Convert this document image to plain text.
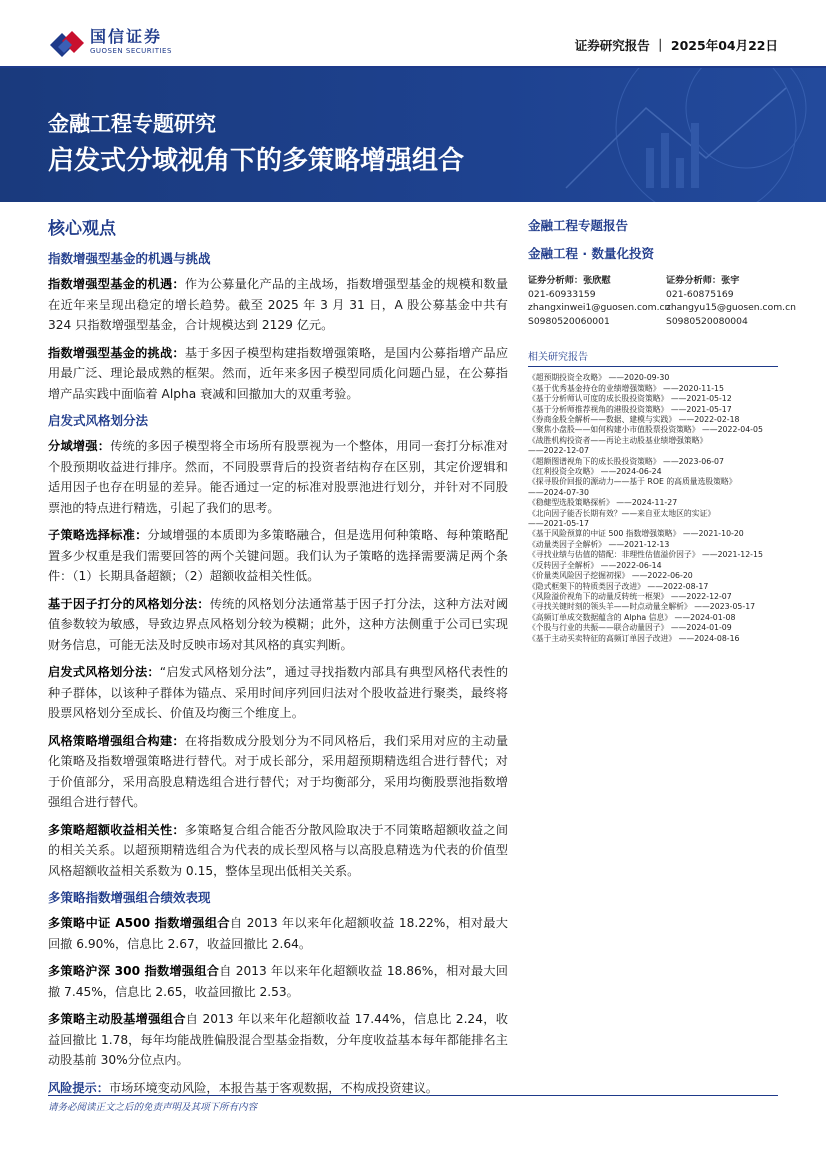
国信证券
GUOSEN SECURITIES	证券研究报告 ｜ 2025年04月22日
金融工程专题研究
启发式分域视角下的多策略增强组合
核心观点
指数增强型基金的机遇与挑战

指数增强型基金的机遇：作为公募量化产品的主战场，指数增强型基金的规模和数量在近年来呈现出稳定的增长趋势。截至 2025 年 3 月 31 日，A 股公募基金中共有 324 只指数增强型基金，合计规模达到 2129 亿元。

指数增强型基金的挑战：基于多因子模型构建指数增强策略，是国内公募指增产品应用最广泛、理论最成熟的框架。然而，近年来多因子模型同质化问题凸显，在公募指增产品实践中面临着 Alpha 衰减和回撤加大的双重考验。

启发式风格划分法

分域增强：传统的多因子模型将全市场所有股票视为一个整体，用同一套打分标准对个股预期收益进行排序。然而，不同股票背后的投资者结构存在区别，其定价逻辑和适用因子也存在明显的差异。能否通过一定的标准对股票池进行划分，并针对不同股票池的特点进行精选，引起了我们的思考。

子策略选择标准：分域增强的本质即为多策略融合，但是选用何种策略、每种策略配置多少权重是我们需要回答的两个关键问题。我们认为子策略的选择需要满足两个条件：（1）长期具备超额；（2）超额收益相关性低。

基于因子打分的风格划分法：传统的风格划分法通常基于因子打分法，这种方法对阈值参数较为敏感，导致边界点风格划分较为模糊；此外，这种方法侧重于公司已实现财务信息，可能无法及时反映市场对其风格的真实判断。

启发式风格划分法：“启发式风格划分法”，通过寻找指数内部具有典型风格代表性的种子群体，以该种子群体为锚点、采用时间序列回归法对个股收益进行聚类，最终将股票风格划分至成长、价值及均衡三个维度上。

风格策略增强组合构建：在将指数成分股划分为不同风格后，我们采用对应的主动量化策略及指数增强策略进行替代。对于成长部分，采用超预期精选组合进行替代；对于价值部分，采用高股息精选组合进行替代；对于均衡部分，采用均衡股票池指数增强组合进行替代。

多策略超额收益相关性：多策略复合组合能否分散风险取决于不同策略超额收益之间的相关关系。以超预期精选组合为代表的成长型风格与以高股息精选为代表的价值型风格超额收益相关系数为 0.15，整体呈现出低相关关系。

多策略指数增强组合绩效表现

多策略中证 A500 指数增强组合自 2013 年以来年化超额收益 18.22%，相对最大回撤 6.90%，信息比 2.67，收益回撤比 2.64。

多策略沪深 300 指数增强组合自 2013 年以来年化超额收益 18.86%，相对最大回撤 7.45%，信息比 2.65，收益回撤比 2.53。

多策略主动股基增强组合自 2013 年以来年化超额收益 17.44%，信息比 2.24，收益回撤比 1.78，每年均能战胜偏股混合型基金指数，分年度收益基本每年都能排名主动股基前 30%分位点内。

风险提示：市场环境变动风险，本报告基于客观数据，不构成投资建议。

金融工程专题报告
金融工程 · 数量化投资
证券分析师：张欣慰
021-60933159
zhangxinwei1@guosen.com.cn
S0980520060001
证券分析师：张宇
021-60875169
zhangyu15@guosen.com.cn
S0980520080004
相关研究报告
《超预期投资全攻略》 ——2020-09-30
《基于优秀基金持仓的业绩增强策略》 ——2020-11-15
《基于分析师认可度的成长股投资策略》 ——2021-05-12
《基于分析师推荐视角的港股投资策略》 ——2021-05-17
《券商金股全解析——数据、建模与实践》 ——2022-02-18
《聚焦小盘股——如何构建小市值股票投资策略》 ——2022-04-05
《战胜机构投资者——再论主动股基业绩增强策略》
——2022-12-07
《超额图谱视角下的成长股投资策略》 ——2023-06-07
《红利投资全攻略》 ——2024-06-24
《探寻股价回报的源动力——基于 ROE 的高质量选股策略》
——2024-07-30
《稳健型选股策略探析》 ——2024-11-27
《北向因子能否长期有效？——来自亚太地区的实证》
——2021-05-17
《基于风险预算的中证 500 指数增强策略》 ——2021-10-20
《动量类因子全解析》 ——2021-12-13
《寻找业绩与估值的错配：非理性估值溢价因子》 ——2021-12-15
《反转因子全解析》 ——2022-06-14
《价量类风险因子挖掘初探》 ——2022-06-20
《隐式框架下的特质类因子改进》 ——2022-08-17
《风险溢价视角下的动量反转统一框架》 ——2022-12-07
《寻找关键时刻的领头羊——时点动量全解析》 ——2023-05-17
《高频订单成交数据蕴含的 Alpha 信息》 ——2024-01-08
《个股与行业的共振——联合动量因子》 ——2024-01-09
《基于主动买卖特征的高频订单因子改进》 ——2024-08-16
请务必阅读正文之后的免责声明及其项下所有内容
